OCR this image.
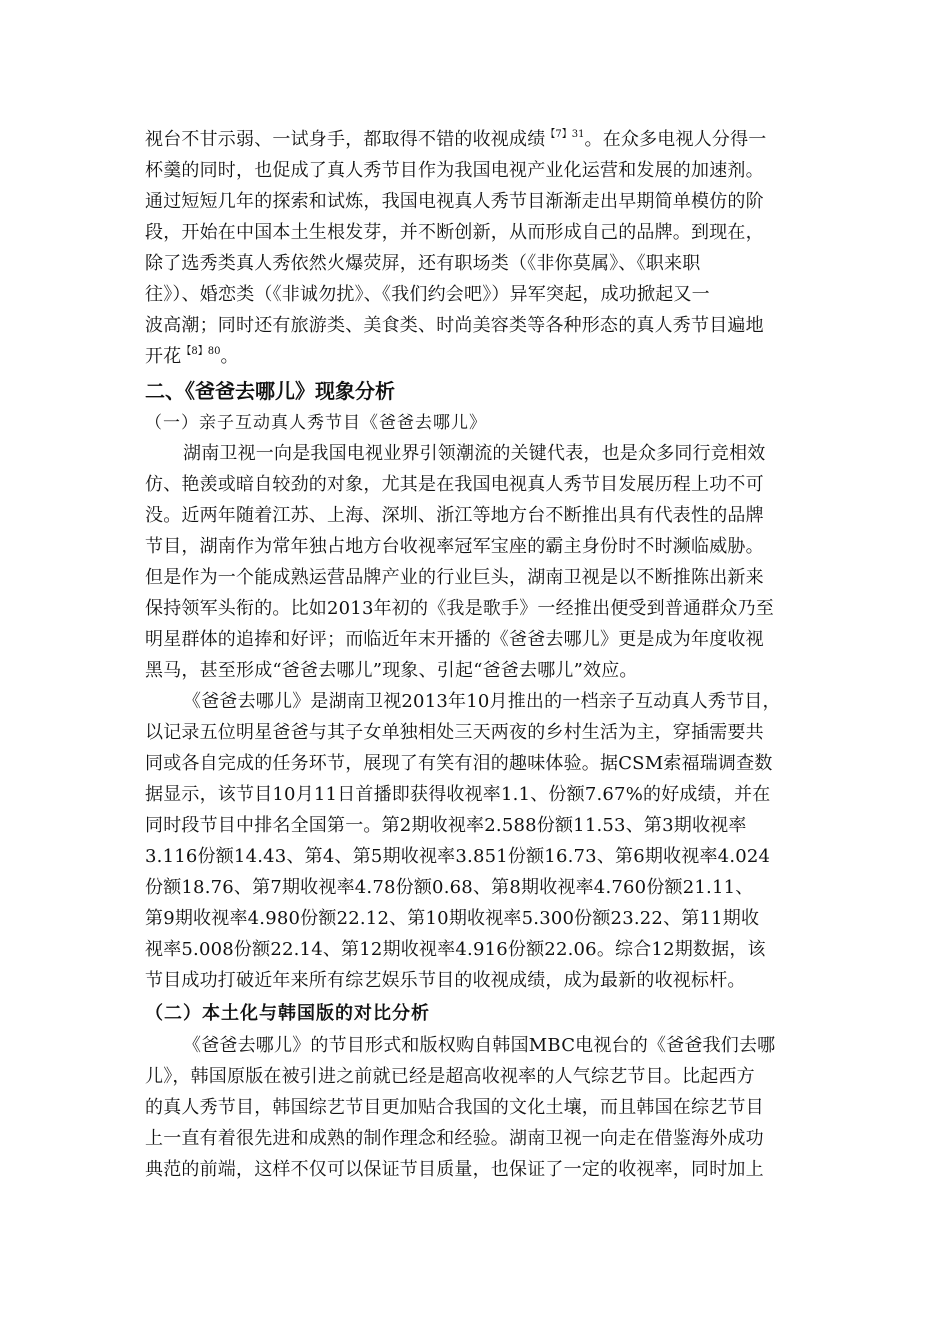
视台不甘示弱、一试身手，都取得不错的收视成绩$^{【7】31}$。在众多电视人分得一
杯羹的同时，也促成了真人秀节目作为我国电视产业化运营和发展的加速剂。
通过短短几年的探索和试炼，我国电视真人秀节目渐渐走出早期简单模仿的阶
段，开始在中国本土生根发芽，并不断创新，从而形成自己的品牌。到现在，
除了选秀类真人秀依然火爆荧屏，还有职场类（《非你莫属》、《职来职
往》）、婚恋类（《非诚勿扰》、《我们约会吧》）异军突起，成功掀起又一
波高潮；同时还有旅游类、美食类、时尚美容类等各种形态的真人秀节目遍地
开花$^{【8】80}$。
二、《爸爸去哪儿》现象分析
（一）亲子互动真人秀节目《爸爸去哪儿》
湖南卫视一向是我国电视业界引领潮流的关键代表，也是众多同行竞相效
仿、艳羡或暗自较劲的对象，尤其是在我国电视真人秀节目发展历程上功不可
没。近两年随着江苏、上海、深圳、浙江等地方台不断推出具有代表性的品牌
节目，湖南作为常年独占地方台收视率冠军宝座的霸主身份时不时濒临威胁。
但是作为一个能成熟运营品牌产业的行业巨头，湖南卫视是以不断推陈出新来
保持领军头衔的。比如2013年初的《我是歌手》一经推出便受到普通群众乃至
明星群体的追捧和好评；而临近年末开播的《爸爸去哪儿》更是成为年度收视
黑马，甚至形成“爸爸去哪儿”现象、引起“爸爸去哪儿”效应。
《爸爸去哪儿》是湖南卫视2013年10月推出的一档亲子互动真人秀节目，
以记录五位明星爸爸与其子女单独相处三天两夜的乡村生活为主，穿插需要共
同或各自完成的任务环节，展现了有笑有泪的趣味体验。据CSM索福瑞调查数
据显示，该节目10月11日首播即获得收视率1.1、份额7.67%的好成绩，并在
同时段节目中排名全国第一。第2期收视率2.588份额11.53、第3期收视率
3.116份额14.43、第4、第5期收视率3.851份额16.73、第6期收视率4.024
份额18.76、第7期收视率4.78份额0.68、第8期收视率4.760份额21.11、
第9期收视率4.980份额22.12、第10期收视率5.300份额23.22、第11期收
视率5.008份额22.14、第12期收视率4.916份额22.06。综合12期数据，该
节目成功打破近年来所有综艺娱乐节目的收视成绩，成为最新的收视标杆。
（二）本土化与韩国版的对比分析
《爸爸去哪儿》的节目形式和版权购自韩国MBC电视台的《爸爸我们去哪
儿》，韩国原版在被引进之前就已经是超高收视率的人气综艺节目。比起西方
的真人秀节目，韩国综艺节目更加贴合我国的文化土壤，而且韩国在综艺节目
上一直有着很先进和成熟的制作理念和经验。湖南卫视一向走在借鉴海外成功
典范的前端，这样不仅可以保证节目质量，也保证了一定的收视率，同时加上
